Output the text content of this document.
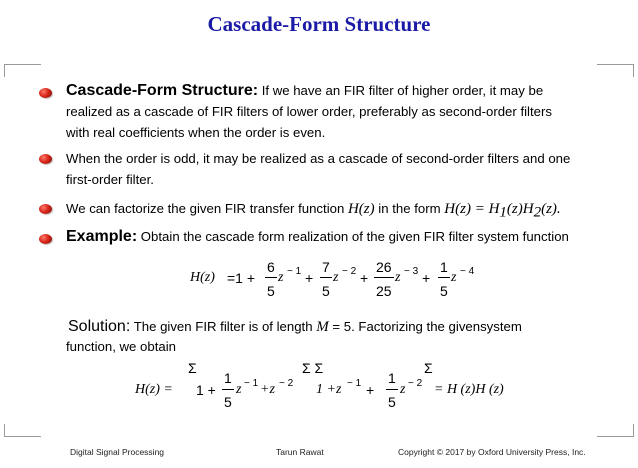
Cascade-Form Structure
Cascade-Form Structure: If we have an FIR filter of higher order, it may be
realized as a cascade of FIR filters of lower order, preferably as second-order filters
with real coefficients when the order is even.
When the order is odd, it may be realized as a cascade of second-order filters and one
first-order filter.
We can factorize the given FIR transfer function H(z) in the form $H(z) = H_1(z)H_2(z)$.
Example: Obtain the cascade form realization of the given FIR filter system function
H(z) =1 +
6
5
z − 1 +
7
5
z − 2 +
26
25
z − 3 +
1
5
z − 4
Solution: The given FIR filter is of length M = 5. Factorizing the givensystem
function, we obtain
Σ	Σ Σ	Σ
H(z) = 1 +
1
5
z − 1 +z − 2 1 +z − 1 +
1
5
z − 2 = H (z)H (z)
Digital Signal Processing	Tarun Rawat	Copyright © 2017 by Oxford University Press, Inc.
